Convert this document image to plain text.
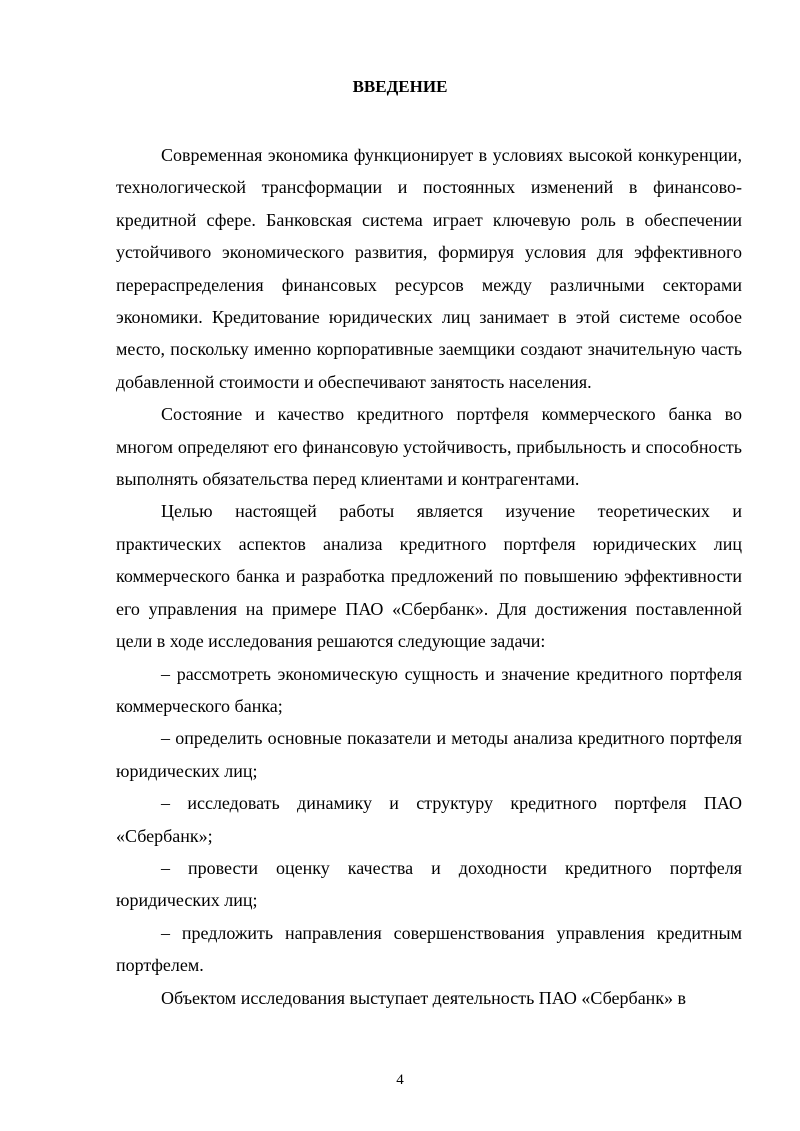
ВВЕДЕНИЕ

Современная экономика функционирует в условиях высокой конкуренции, технологической трансформации и постоянных изменений в финансово-кредитной сфере. Банковская система играет ключевую роль в обеспечении устойчивого экономического развития, формируя условия для эффективного перераспределения финансовых ресурсов между различными секторами экономики. Кредитование юридических лиц занимает в этой системе особое место, поскольку именно корпоративные заемщики создают значительную часть добавленной стоимости и обеспечивают занятость населения.

Состояние и качество кредитного портфеля коммерческого банка во многом определяют его финансовую устойчивость, прибыльность и способность выполнять обязательства перед клиентами и контрагентами.

Целью настоящей работы является изучение теоретических и практических аспектов анализа кредитного портфеля юридических лиц коммерческого банка и разработка предложений по повышению эффективности его управления на примере ПАО «Сбербанк». Для достижения поставленной цели в ходе исследования решаются следующие задачи:

– рассмотреть экономическую сущность и значение кредитного портфеля коммерческого банка;

– определить основные показатели и методы анализа кредитного портфеля юридических лиц;

– исследовать динамику и структуру кредитного портфеля ПАО «Сбербанк»;

– провести оценку качества и доходности кредитного портфеля юридических лиц;

– предложить направления совершенствования управления кредитным портфелем.

Объектом исследования выступает деятельность ПАО «Сбербанк» в

4
